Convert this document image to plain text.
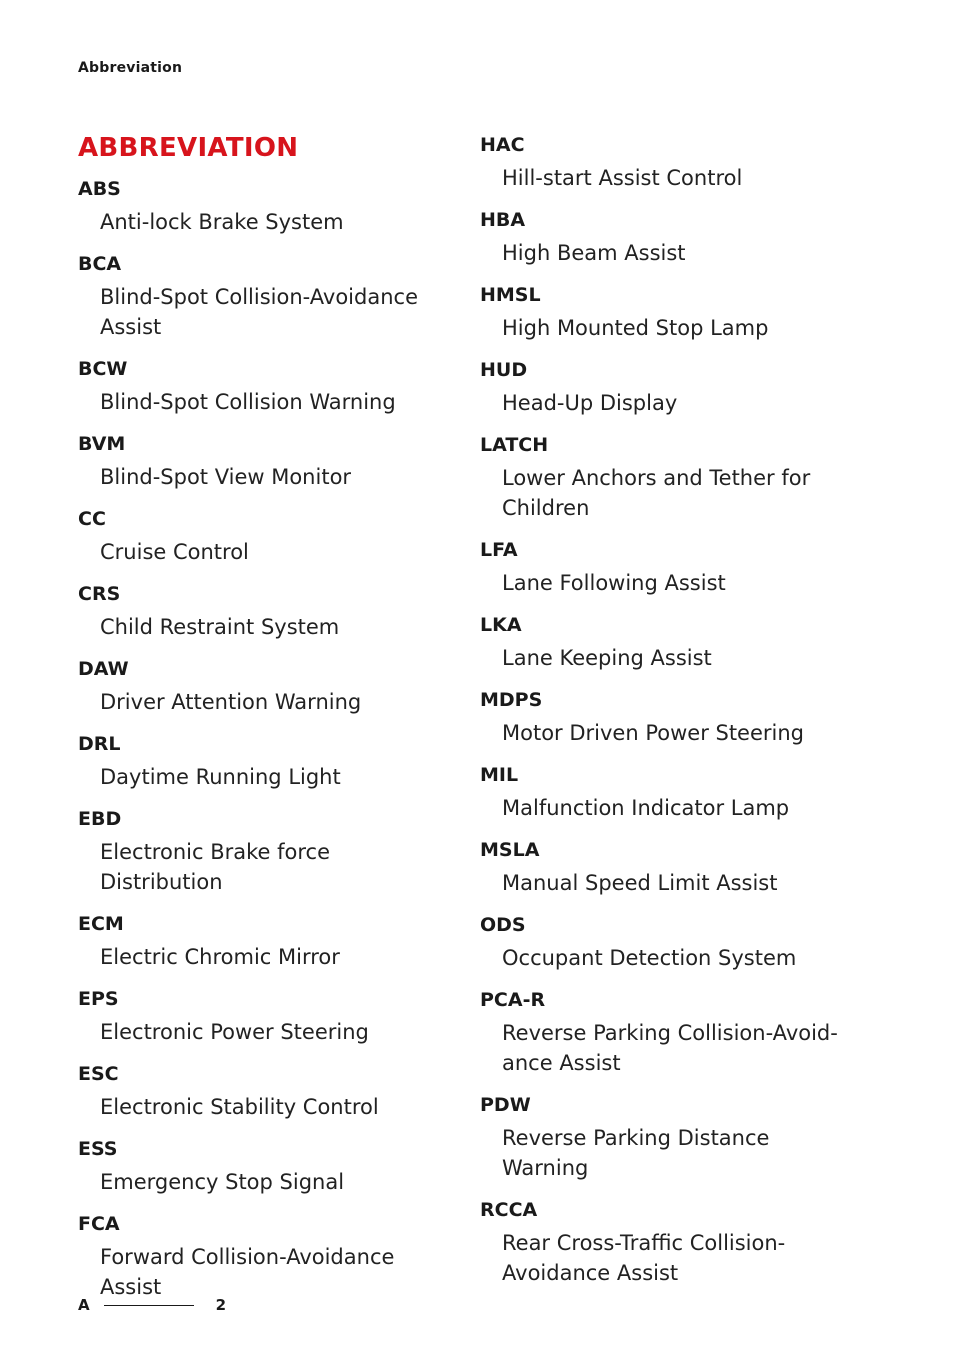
Abbreviation
ABBREVIATION
ABS
Anti-lock Brake System
BCA
Blind-Spot Collision-Avoidance Assist
BCW
Blind-Spot Collision Warning
BVM
Blind-Spot View Monitor
CC
Cruise Control
CRS
Child Restraint System
DAW
Driver Attention Warning
DRL
Daytime Running Light
EBD
Electronic Brake force Distribution
ECM
Electric Chromic Mirror
EPS
Electronic Power Steering
ESC
Electronic Stability Control
ESS
Emergency Stop Signal
FCA
Forward Collision-Avoidance Assist
HAC
Hill-start Assist Control
HBA
High Beam Assist
HMSL
High Mounted Stop Lamp
HUD
Head-Up Display
LATCH
Lower Anchors and Tether for Children
LFA
Lane Following Assist
LKA
Lane Keeping Assist
MDPS
Motor Driven Power Steering
MIL
Malfunction Indicator Lamp
MSLA
Manual Speed Limit Assist
ODS
Occupant Detection System
PCA-R
Reverse Parking Collision-Avoid-ance Assist
PDW
Reverse Parking Distance Warning
RCCA
Rear Cross-Traffic Collision-Avoidance Assist
A	2
